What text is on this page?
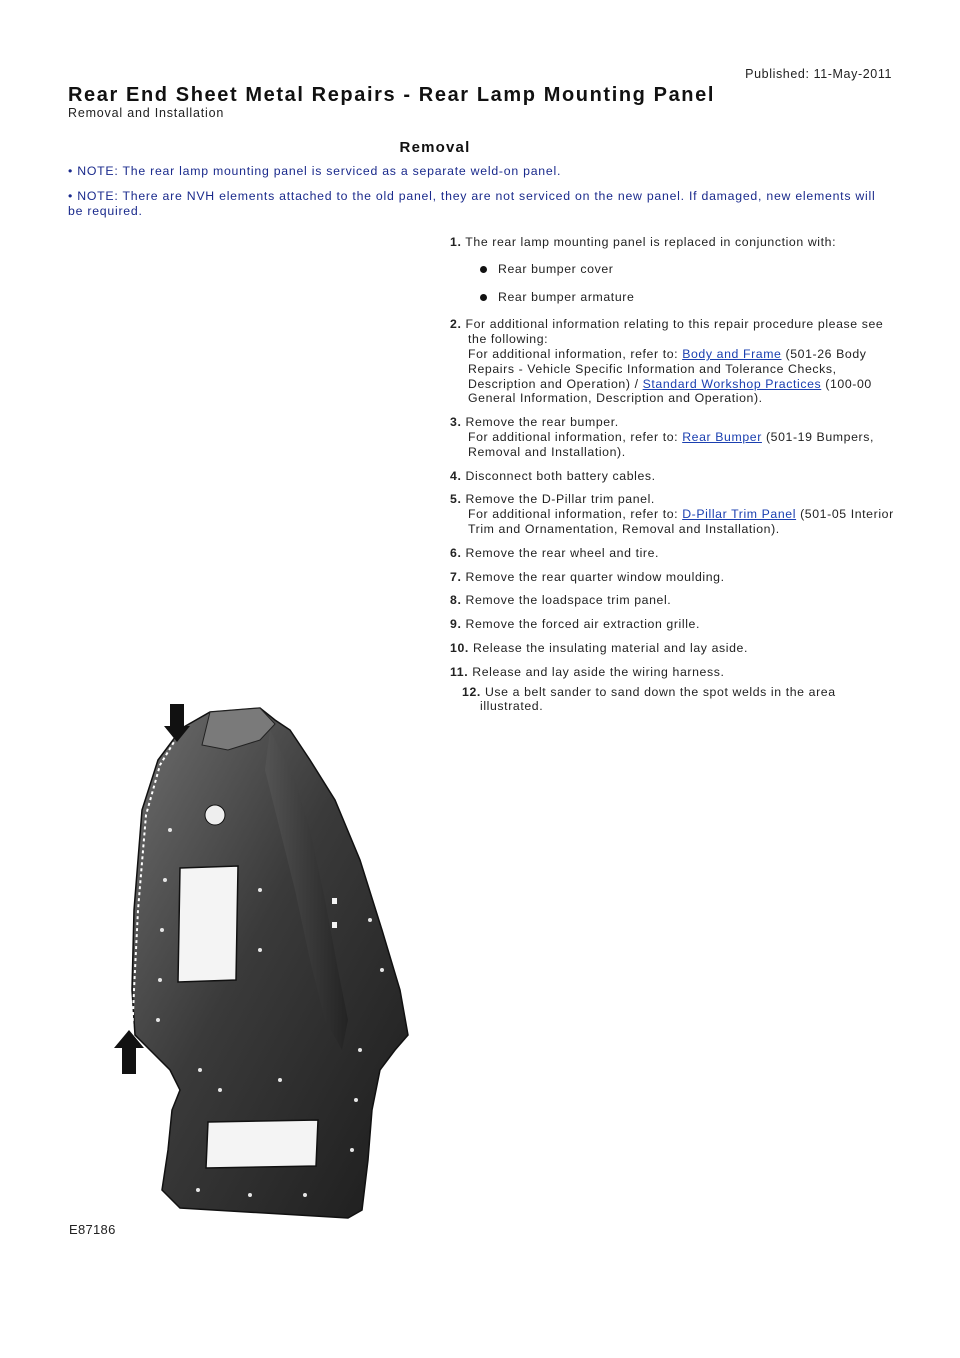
Published: 11-May-2011
Rear End Sheet Metal Repairs - Rear Lamp Mounting Panel
Removal and Installation
Removal
• NOTE: The rear lamp mounting panel is serviced as a separate weld-on panel.
• NOTE: There are NVH elements attached to the old panel, they are not serviced on the new panel. If damaged, new elements will be required.
1. The rear lamp mounting panel is replaced in conjunction with:
Rear bumper cover
Rear bumper armature
2. For additional information relating to this repair procedure please see the following:
For additional information, refer to: Body and Frame (501-26 Body Repairs - Vehicle Specific Information and Tolerance Checks, Description and Operation) / Standard Workshop Practices (100-00 General Information, Description and Operation).
3. Remove the rear bumper.
For additional information, refer to: Rear Bumper (501-19 Bumpers, Removal and Installation).
4. Disconnect both battery cables.
5. Remove the D-Pillar trim panel.
For additional information, refer to: D-Pillar Trim Panel (501-05 Interior Trim and Ornamentation, Removal and Installation).
6. Remove the rear wheel and tire.
7. Remove the rear quarter window moulding.
8. Remove the loadspace trim panel.
9. Remove the forced air extraction grille.
10. Release the insulating material and lay aside.
11. Release and lay aside the wiring harness.
12. Use a belt sander to sand down the spot welds in the area illustrated.
E87186
